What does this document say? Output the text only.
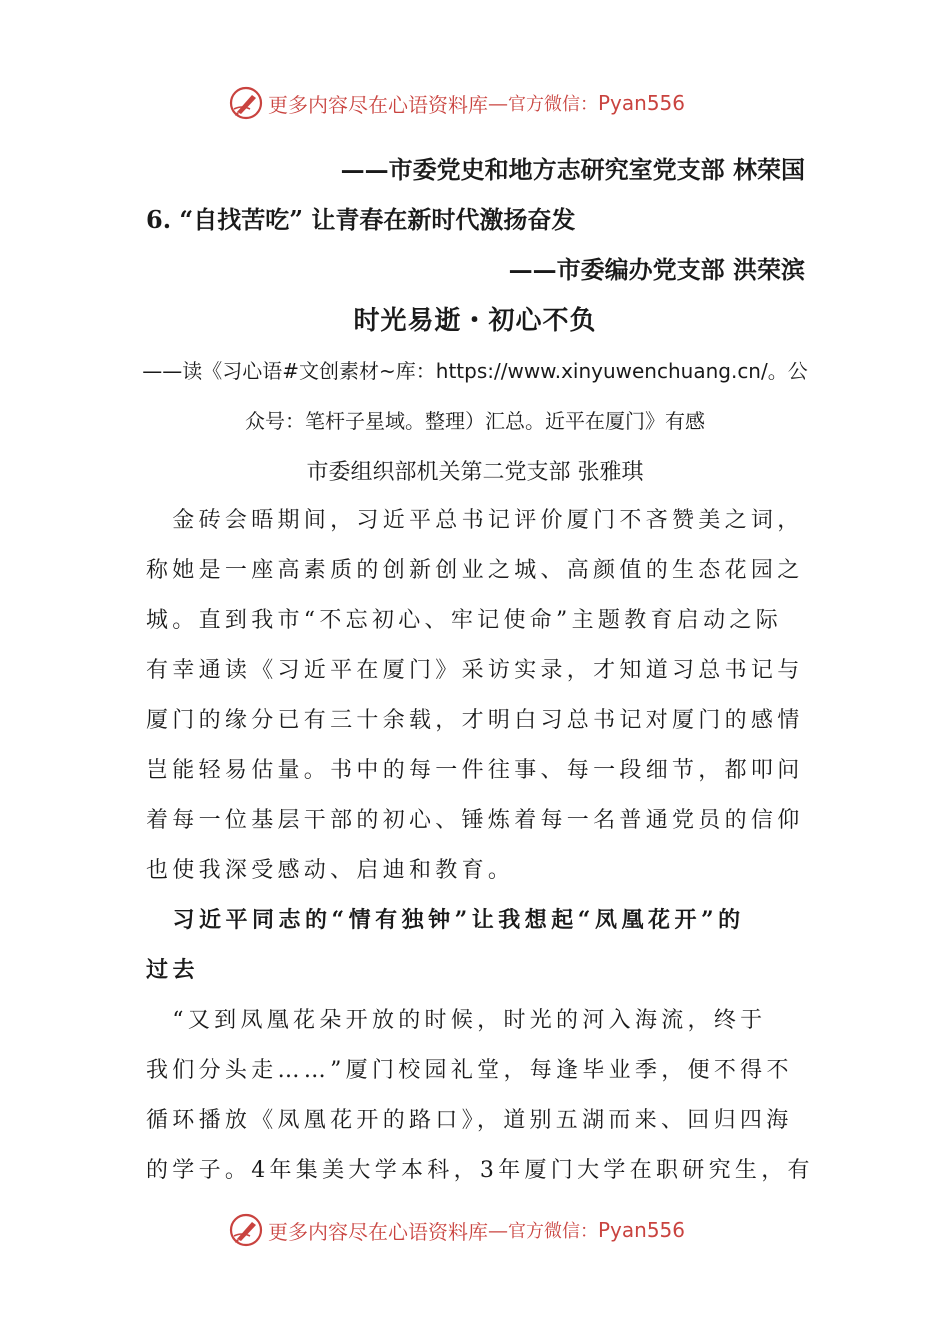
更多内容尽在心语资料库 — 官方微信： Pyan556
——市委党史和地方志研究室党支部 林荣国
6. “自找苦吃” 让青春在新时代激扬奋发
——市委编办党支部 洪荣滨
时光易逝・初心不负
——读《习心语#文创素材~库：https://www.xinyuwenchuang.cn/。公
众号：笔杆子星域。整理）汇总。近平在厦门》有感
市委组织部机关第二党支部 张雅琪
　金砖会晤期间，习近平总书记评价厦门不吝赞美之词，
称她是一座高素质的创新创业之城、高颜值的生态花园之
城。直到我市“不忘初心、牢记使命”主题教育启动之际
有幸通读《习近平在厦门》采访实录，才知道习总书记与
厦门的缘分已有三十余载，才明白习总书记对厦门的感情
岂能轻易估量。书中的每一件往事、每一段细节，都叩问
着每一位基层干部的初心、锤炼着每一名普通党员的信仰
也使我深受感动、启迪和教育。
　习近平同志的“情有独钟”让我想起“凤凰花开”的
过去
　“又到凤凰花朵开放的时候，时光的河入海流，终于
我们分头走……”厦门校园礼堂，每逢毕业季，便不得不
循环播放《凤凰花开的路口》，道别五湖而来、回归四海
的学子。4年集美大学本科，3年厦门大学在职研究生，有
更多内容尽在心语资料库 — 官方微信： Pyan556
